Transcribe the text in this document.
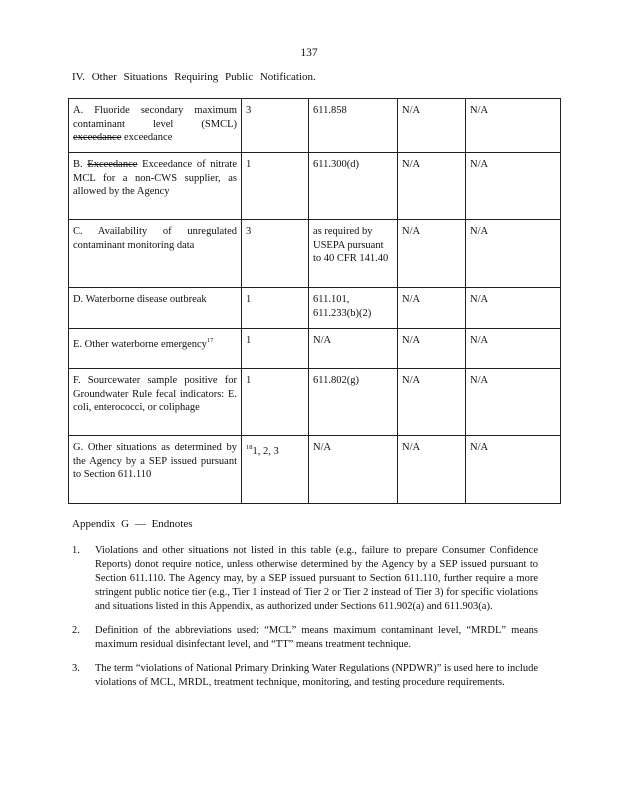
137
IV. Other Situations Requiring Public Notification.
A. Fluoride secondary maximum contaminant level (SMCL) exceedance exceedance	3	611.858	N/A	N/A
B. Exceedance Exceedance of nitrate MCL for a non-CWS supplier, as allowed by the Agency	1	611.300(d)	N/A	N/A
C. Availability of unregulated contaminant monitoring data	3	as required by USEPA pursuant to 40 CFR 141.40	N/A	N/A
D. Waterborne disease outbreak	1	611.101, 611.233(b)(2)	N/A	N/A
E. Other waterborne emergency$^{17}$	1	N/A	N/A	N/A
F. Sourcewater sample positive for Groundwater Rule fecal indicators: E. coli, enterococci, or coliphage	1	611.802(g)	N/A	N/A
G. Other situations as determined by the Agency by a SEP issued pursuant to Section 611.110	$^{18}$1, 2, 3	N/A	N/A	N/A
Appendix G — Endnotes
1. Violations and other situations not listed in this table (e.g., failure to prepare Consumer Confidence Reports) donot require notice, unless otherwise determined by the Agency by a SEP issued pursuant to Section 611.110. The Agency may, by a SEP issued pursuant to Section 611.110, further require a more stringent public notice tier (e.g., Tier 1 instead of Tier 2 or Tier 2 instead of Tier 3) for specific violations and situations listed in this Appendix, as authorized under Sections 611.902(a) and 611.903(a).
2. Definition of the abbreviations used: “MCL” means maximum contaminant level, “MRDL” means maximum residual disinfectant level, and “TT” means treatment technique.
3. The term “violations of National Primary Drinking Water Regulations (NPDWR)” is used here to include violations of MCL, MRDL, treatment technique, monitoring, and testing procedure requirements.
